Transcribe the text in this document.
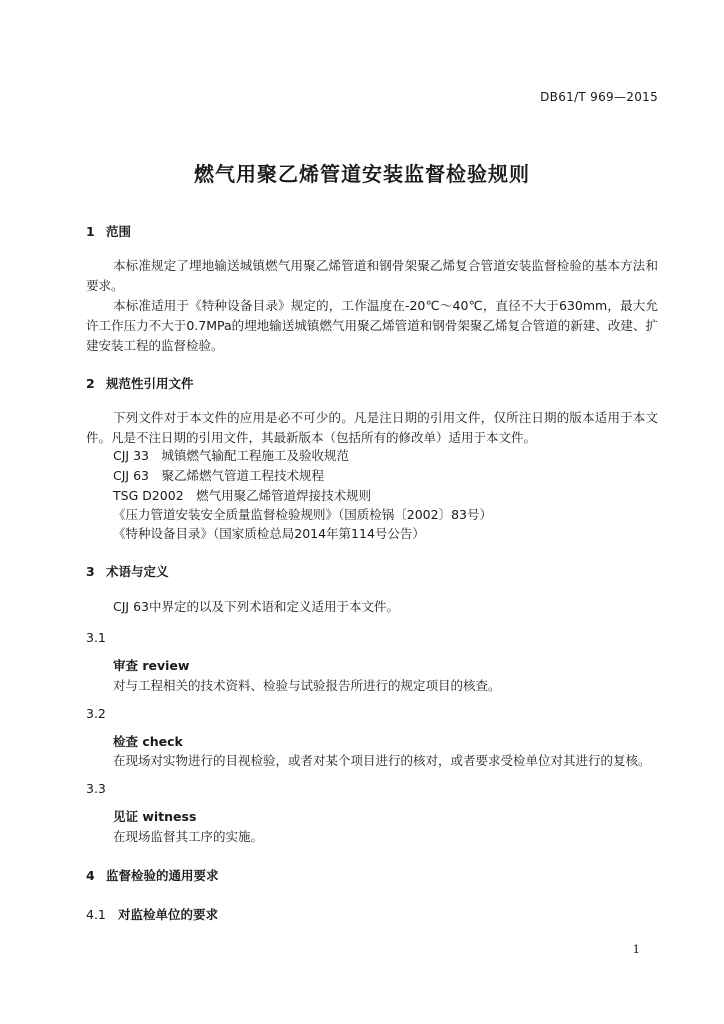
DB61/T 969—2015
燃气用聚乙烯管道安装监督检验规则
1 范围
本标准规定了埋地输送城镇燃气用聚乙烯管道和钢骨架聚乙烯复合管道安装监督检验的基本方法和要求。
本标准适用于《特种设备目录》规定的，工作温度在-20℃～40℃，直径不大于630mm，最大允许工作压力不大于0.7MPa的埋地输送城镇燃气用聚乙烯管道和钢骨架聚乙烯复合管道的新建、改建、扩建安装工程的监督检验。
2 规范性引用文件
下列文件对于本文件的应用是必不可少的。凡是注日期的引用文件，仅所注日期的版本适用于本文件。凡是不注日期的引用文件，其最新版本（包括所有的修改单）适用于本文件。
CJJ 33　城镇燃气输配工程施工及验收规范
CJJ 63　聚乙烯燃气管道工程技术规程
TSG D2002　燃气用聚乙烯管道焊接技术规则
《压力管道安装安全质量监督检验规则》（国质检锅〔2002〕83号）
《特种设备目录》（国家质检总局2014年第114号公告）
3 术语与定义
CJJ 63中界定的以及下列术语和定义适用于本文件。
3.1
审查 review
对与工程相关的技术资料、检验与试验报告所进行的规定项目的核查。
3.2
检查 check
在现场对实物进行的目视检验，或者对某个项目进行的核对，或者要求受检单位对其进行的复核。
3.3
见证 witness
在现场监督其工序的实施。
4 监督检验的通用要求
4.1 对监检单位的要求
1
